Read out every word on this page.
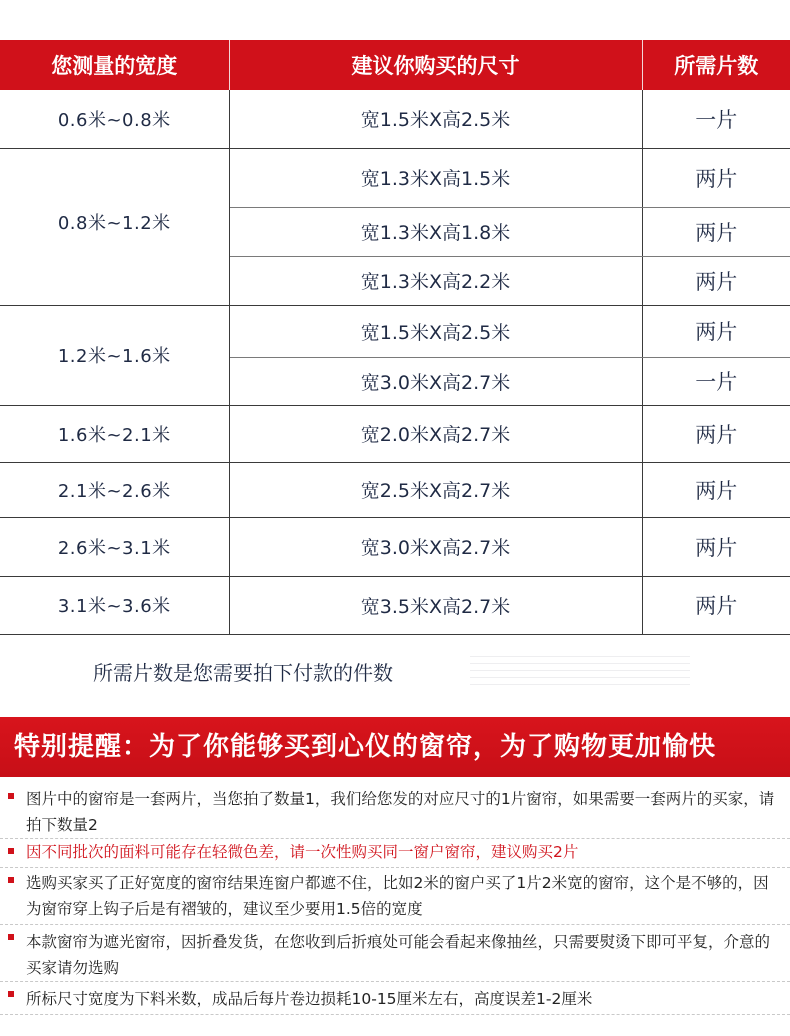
您测量的宽度	建议你购买的尺寸	所需片数
0.6米~0.8米	宽1.5米X高2.5米	一片
0.8米~1.2米	宽1.3米X高1.5米	两片
	宽1.3米X高1.8米	两片
	宽1.3米X高2.2米	两片
1.2米~1.6米	宽1.5米X高2.5米	两片
	宽3.0米X高2.7米	一片
1.6米~2.1米	宽2.0米X高2.7米	两片
2.1米~2.6米	宽2.5米X高2.7米	两片
2.6米~3.1米	宽3.0米X高2.7米	两片
3.1米~3.6米	宽3.5米X高2.7米	两片
所需片数是您需要拍下付款的件数
特别提醒：为了你能够买到心仪的窗帘，为了购物更加愉快
图片中的窗帘是一套两片，当您拍了数量1，我们给您发的对应尺寸的1片窗帘，如果需要一套两片的买家，请拍下数量2
因不同批次的面料可能存在轻微色差，请一次性购买同一窗户窗帘，建议购买2片
选购买家买了正好宽度的窗帘结果连窗户都遮不住，比如2米的窗户买了1片2米宽的窗帘，这个是不够的，因为窗帘穿上钩子后是有褶皱的，建议至少要用1.5倍的宽度
本款窗帘为遮光窗帘，因折叠发货，在您收到后折痕处可能会看起来像抽丝，只需要熨烫下即可平复，介意的买家请勿选购
所标尺寸宽度为下料米数，成品后每片卷边损耗10-15厘米左右，高度误差1-2厘米
